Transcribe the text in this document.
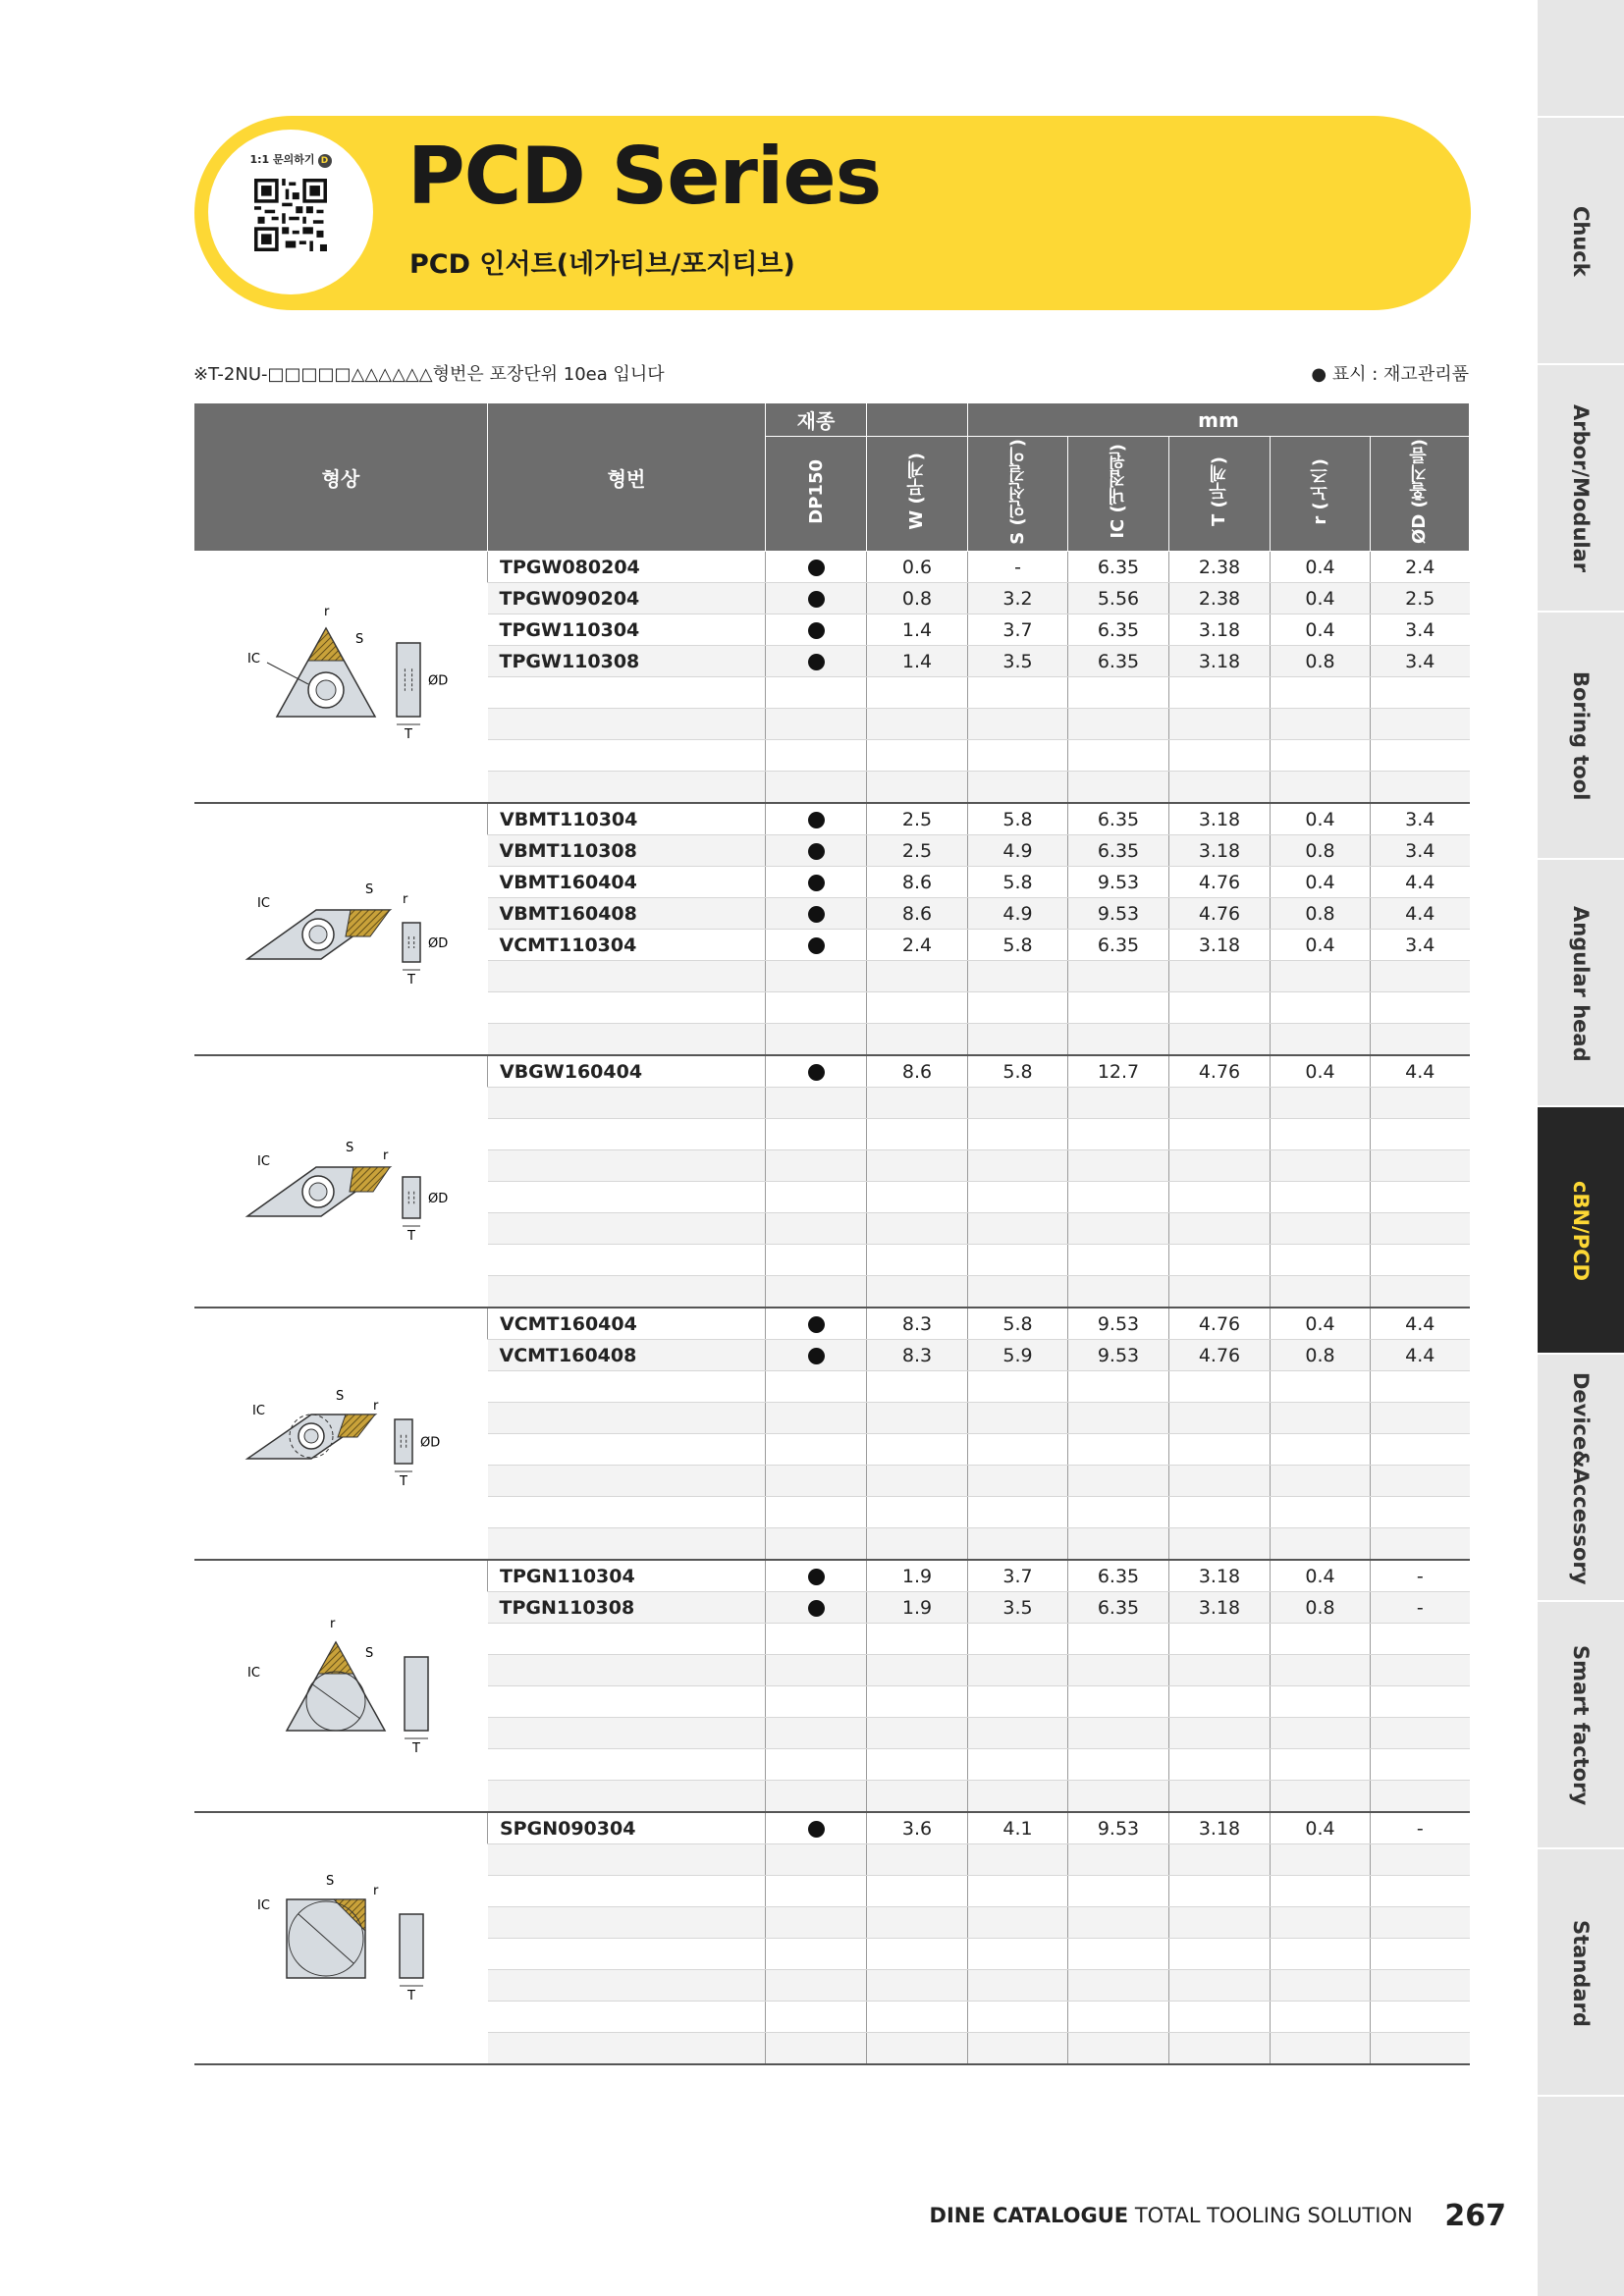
1:1 문의하기 D	PCD Series
PCD 인서트(네가티브/포지티브)
※T-2NU-□□□□□△△△△△△형번은 포장단위 10ea 입니다	● 표시 : 재고관리품
형상	형번	재종		mm				
		DP150	W (무게)	S (인선길이)	IC (내접원)	T (두께)	r (노즈)	ØD (홀지름)

r
S
IC
T
ØD	TPGW080204		0.6	-	6.35	2.38	0.4	2.4
	TPGW090204		0.8	3.2	5.56	2.38	0.4	2.5
	TPGW110304		1.4	3.7	6.35	3.18	0.4	3.4
	TPGW110308		1.4	3.5	6.35	3.18	0.8	3.4

S
r
IC
T
ØD	VBMT110304		2.5	5.8	6.35	3.18	0.4	3.4
	VBMT110308		2.5	4.9	6.35	3.18	0.8	3.4
	VBMT160404		8.6	5.8	9.53	4.76	0.4	4.4
	VBMT160408		8.6	4.9	9.53	4.76	0.8	4.4
	VCMT110304		2.4	5.8	6.35	3.18	0.4	3.4

S
r
IC
T
ØD	VBGW160404		8.6	5.8	12.7	4.76	0.4	4.4

S
r
IC
T
ØD	VCMT160404		8.3	5.8	9.53	4.76	0.4	4.4
	VCMT160408		8.3	5.9	9.53	4.76	0.8	4.4

r
S
IC
T	TPGN110304		1.9	3.7	6.35	3.18	0.4	-
	TPGN110308		1.9	3.5	6.35	3.18	0.8	-

S
r
IC
T	SPGN090304		3.6	4.1	9.53	3.18	0.4	-

Chuck
Arbor/Modular
Boring tool
Angular head
cBN/PCD
Device&Accessory
Smart factory
Standard
DINE CATALOGUE TOTAL TOOLING SOLUTION 267
